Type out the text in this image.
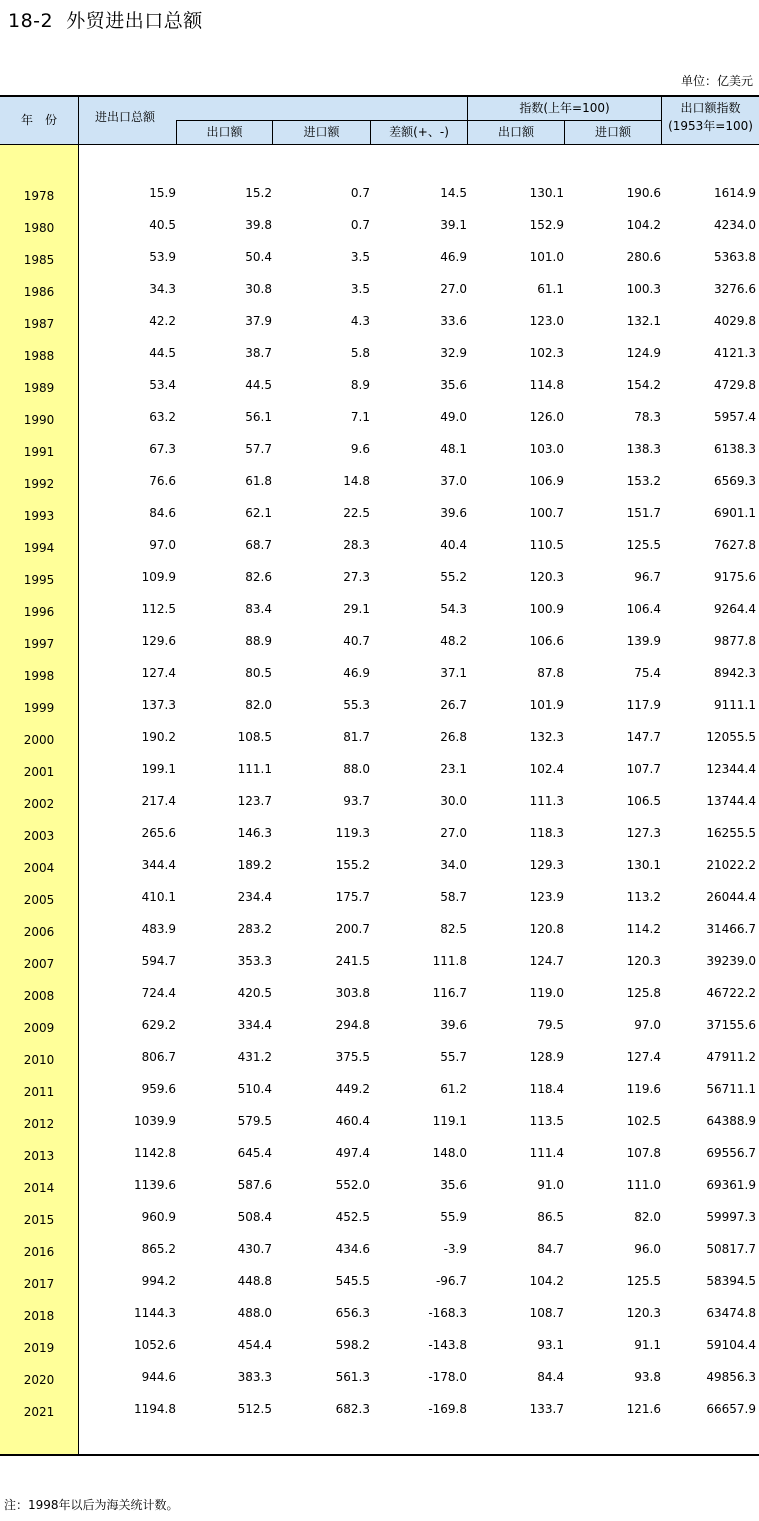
18-2  外贸进出口总额
单位：亿美元
年　份	进出口总额
出口额	进口额	差额(+、-)
指数(上年=100)
出口额	进口额
出口额指数
(1953年=100)
1978	15.9	15.2	0.7	14.5	130.1	190.6	1614.9
1980	40.5	39.8	0.7	39.1	152.9	104.2	4234.0
1985	53.9	50.4	3.5	46.9	101.0	280.6	5363.8
1986	34.3	30.8	3.5	27.0	61.1	100.3	3276.6
1987	42.2	37.9	4.3	33.6	123.0	132.1	4029.8
1988	44.5	38.7	5.8	32.9	102.3	124.9	4121.3
1989	53.4	44.5	8.9	35.6	114.8	154.2	4729.8
1990	63.2	56.1	7.1	49.0	126.0	78.3	5957.4
1991	67.3	57.7	9.6	48.1	103.0	138.3	6138.3
1992	76.6	61.8	14.8	37.0	106.9	153.2	6569.3
1993	84.6	62.1	22.5	39.6	100.7	151.7	6901.1
1994	97.0	68.7	28.3	40.4	110.5	125.5	7627.8
1995	109.9	82.6	27.3	55.2	120.3	96.7	9175.6
1996	112.5	83.4	29.1	54.3	100.9	106.4	9264.4
1997	129.6	88.9	40.7	48.2	106.6	139.9	9877.8
1998	127.4	80.5	46.9	37.1	87.8	75.4	8942.3
1999	137.3	82.0	55.3	26.7	101.9	117.9	9111.1
2000	190.2	108.5	81.7	26.8	132.3	147.7	12055.5
2001	199.1	111.1	88.0	23.1	102.4	107.7	12344.4
2002	217.4	123.7	93.7	30.0	111.3	106.5	13744.4
2003	265.6	146.3	119.3	27.0	118.3	127.3	16255.5
2004	344.4	189.2	155.2	34.0	129.3	130.1	21022.2
2005	410.1	234.4	175.7	58.7	123.9	113.2	26044.4
2006	483.9	283.2	200.7	82.5	120.8	114.2	31466.7
2007	594.7	353.3	241.5	111.8	124.7	120.3	39239.0
2008	724.4	420.5	303.8	116.7	119.0	125.8	46722.2
2009	629.2	334.4	294.8	39.6	79.5	97.0	37155.6
2010	806.7	431.2	375.5	55.7	128.9	127.4	47911.2
2011	959.6	510.4	449.2	61.2	118.4	119.6	56711.1
2012	1039.9	579.5	460.4	119.1	113.5	102.5	64388.9
2013	1142.8	645.4	497.4	148.0	111.4	107.8	69556.7
2014	1139.6	587.6	552.0	35.6	91.0	111.0	69361.9
2015	960.9	508.4	452.5	55.9	86.5	82.0	59997.3
2016	865.2	430.7	434.6	-3.9	84.7	96.0	50817.7
2017	994.2	448.8	545.5	-96.7	104.2	125.5	58394.5
2018	1144.3	488.0	656.3	-168.3	108.7	120.3	63474.8
2019	1052.6	454.4	598.2	-143.8	93.1	91.1	59104.4
2020	944.6	383.3	561.3	-178.0	84.4	93.8	49856.3
2021	1194.8	512.5	682.3	-169.8	133.7	121.6	66657.9
注：1998年以后为海关统计数。
